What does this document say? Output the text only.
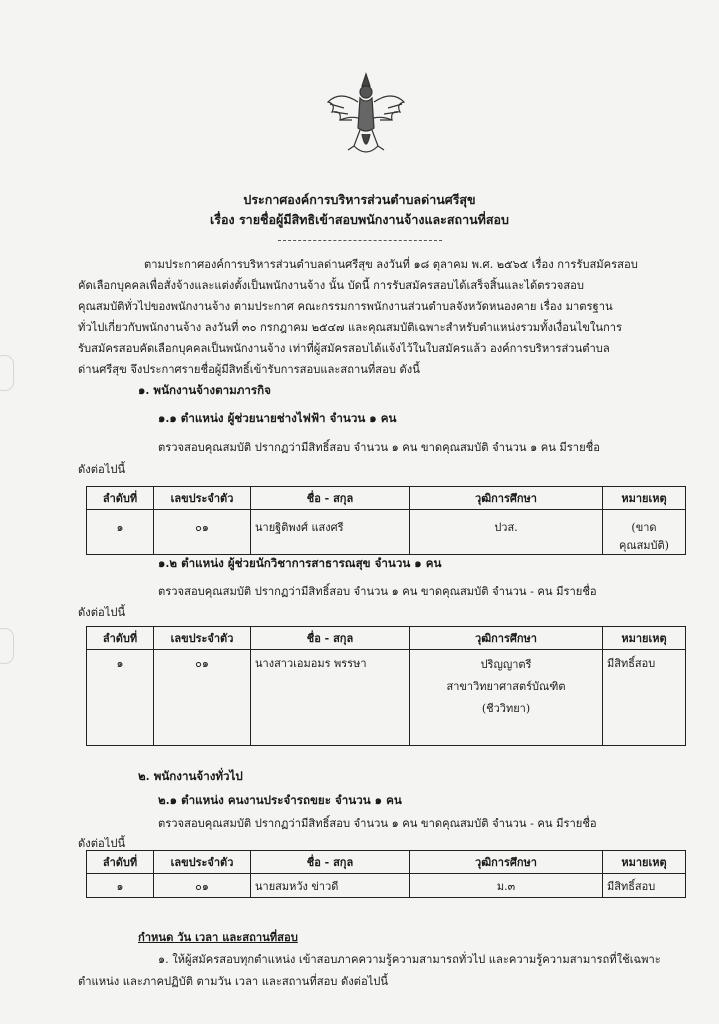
ประกาศองค์การบริหารส่วนตำบลด่านศรีสุข
เรื่อง รายชื่อผู้มีสิทธิเข้าสอบพนักงานจ้างและสถานที่สอบ
ตามประกาศองค์การบริหารส่วนตำบลด่านศรีสุข ลงวันที่ ๑๘ ตุลาคม พ.ศ. ๒๕๖๕ เรื่อง การรับสมัครสอบ
คัดเลือกบุคคลเพื่อสั่งจ้างและแต่งตั้งเป็นพนักงานจ้าง นั้น บัดนี้ การรับสมัครสอบได้เสร็จสิ้นและได้ตรวจสอบ
คุณสมบัติทั่วไปของพนักงานจ้าง ตามประกาศ คณะกรรมการพนักงานส่วนตำบลจังหวัดหนองคาย เรื่อง มาตรฐาน
ทั่วไปเกี่ยวกับพนักงานจ้าง ลงวันที่ ๓๐ กรกฎาคม ๒๕๔๗ และคุณสมบัติเฉพาะสำหรับตำแหน่งรวมทั้งเงื่อนไขในการ
รับสมัครสอบคัดเลือกบุคคลเป็นพนักงานจ้าง เท่าที่ผู้สมัครสอบได้แจ้งไว้ในใบสมัครแล้ว องค์การบริหารส่วนตำบล
ด่านศรีสุข จึงประกาศรายชื่อผู้มีสิทธิ์เข้ารับการสอบและสถานที่สอบ ดังนี้
๑. พนักงานจ้างตามภารกิจ
๑.๑ ตำแหน่ง ผู้ช่วยนายช่างไฟฟ้า จำนวน ๑ คน
ตรวจสอบคุณสมบัติ ปรากฏว่ามีสิทธิ์สอบ จำนวน ๑ คน ขาดคุณสมบัติ จำนวน ๑ คน มีรายชื่อ
ดังต่อไปนี้
ลำดับที่	เลขประจำตัว	ชื่อ - สกุล	วุฒิการศึกษา	หมายเหตุ
๑	๐๑	นายฐิติพงศ์ แสงศรี	ปวส.	(ขาดคุณสมบัติ)
๑.๒ ตำแหน่ง ผู้ช่วยนักวิชาการสาธารณสุข จำนวน ๑ คน
ตรวจสอบคุณสมบัติ ปรากฏว่ามีสิทธิ์สอบ จำนวน ๑ คน ขาดคุณสมบัติ จำนวน - คน มีรายชื่อ
ดังต่อไปนี้
ลำดับที่	เลขประจำตัว	ชื่อ - สกุล	วุฒิการศึกษา	หมายเหตุ
๑	๐๑	นางสาวเอมอมร พรรษา	ปริญญาตรี
สาขาวิทยาศาสตร์บัณฑิต
(ชีววิทยา)	มีสิทธิ์สอบ
๒. พนักงานจ้างทั่วไป
๒.๑ ตำแหน่ง คนงานประจำรถขยะ จำนวน ๑ คน
ตรวจสอบคุณสมบัติ ปรากฏว่ามีสิทธิ์สอบ จำนวน ๑ คน ขาดคุณสมบัติ จำนวน - คน มีรายชื่อ
ดังต่อไปนี้
ลำดับที่	เลขประจำตัว	ชื่อ - สกุล	วุฒิการศึกษา	หมายเหตุ
๑	๐๑	นายสมหวัง ข่าวดี	ม.๓	มีสิทธิ์สอบ
กำหนด วัน เวลา และสถานที่สอบ
๑. ให้ผู้สมัครสอบทุกตำแหน่ง เข้าสอบภาคความรู้ความสามารถทั่วไป และความรู้ความสามารถที่ใช้เฉพาะ
ตำแหน่ง และภาคปฏิบัติ ตามวัน เวลา และสถานที่สอบ ดังต่อไปนี้
